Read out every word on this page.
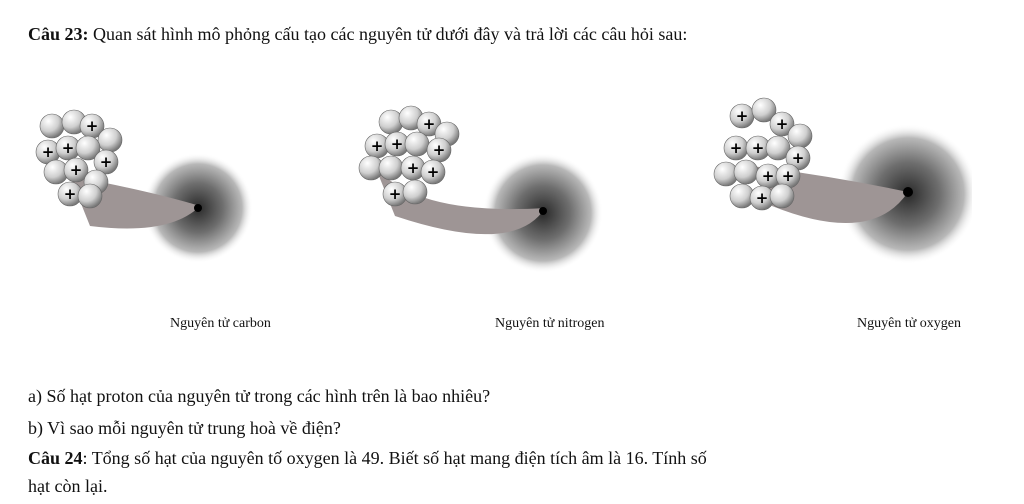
Câu 23: Quan sát hình mô phỏng cấu tạo các nguyên tử dưới đây và trả lời các câu hỏi sau:
+
+ +
+
+
+
Nguyên tử carbon
+
+ + +
+ +
+
Nguyên tử nitrogen
+ +
+ +
+
+ +
+
Nguyên tử oxygen
a) Số hạt proton của nguyên tử trong các hình trên là bao nhiêu?
b) Vì sao mỗi nguyên tử trung hoà về điện?
Câu 24: Tổng số hạt của nguyên tố oxygen là 49. Biết số hạt mang điện tích âm là 16. Tính số
hạt còn lại.
